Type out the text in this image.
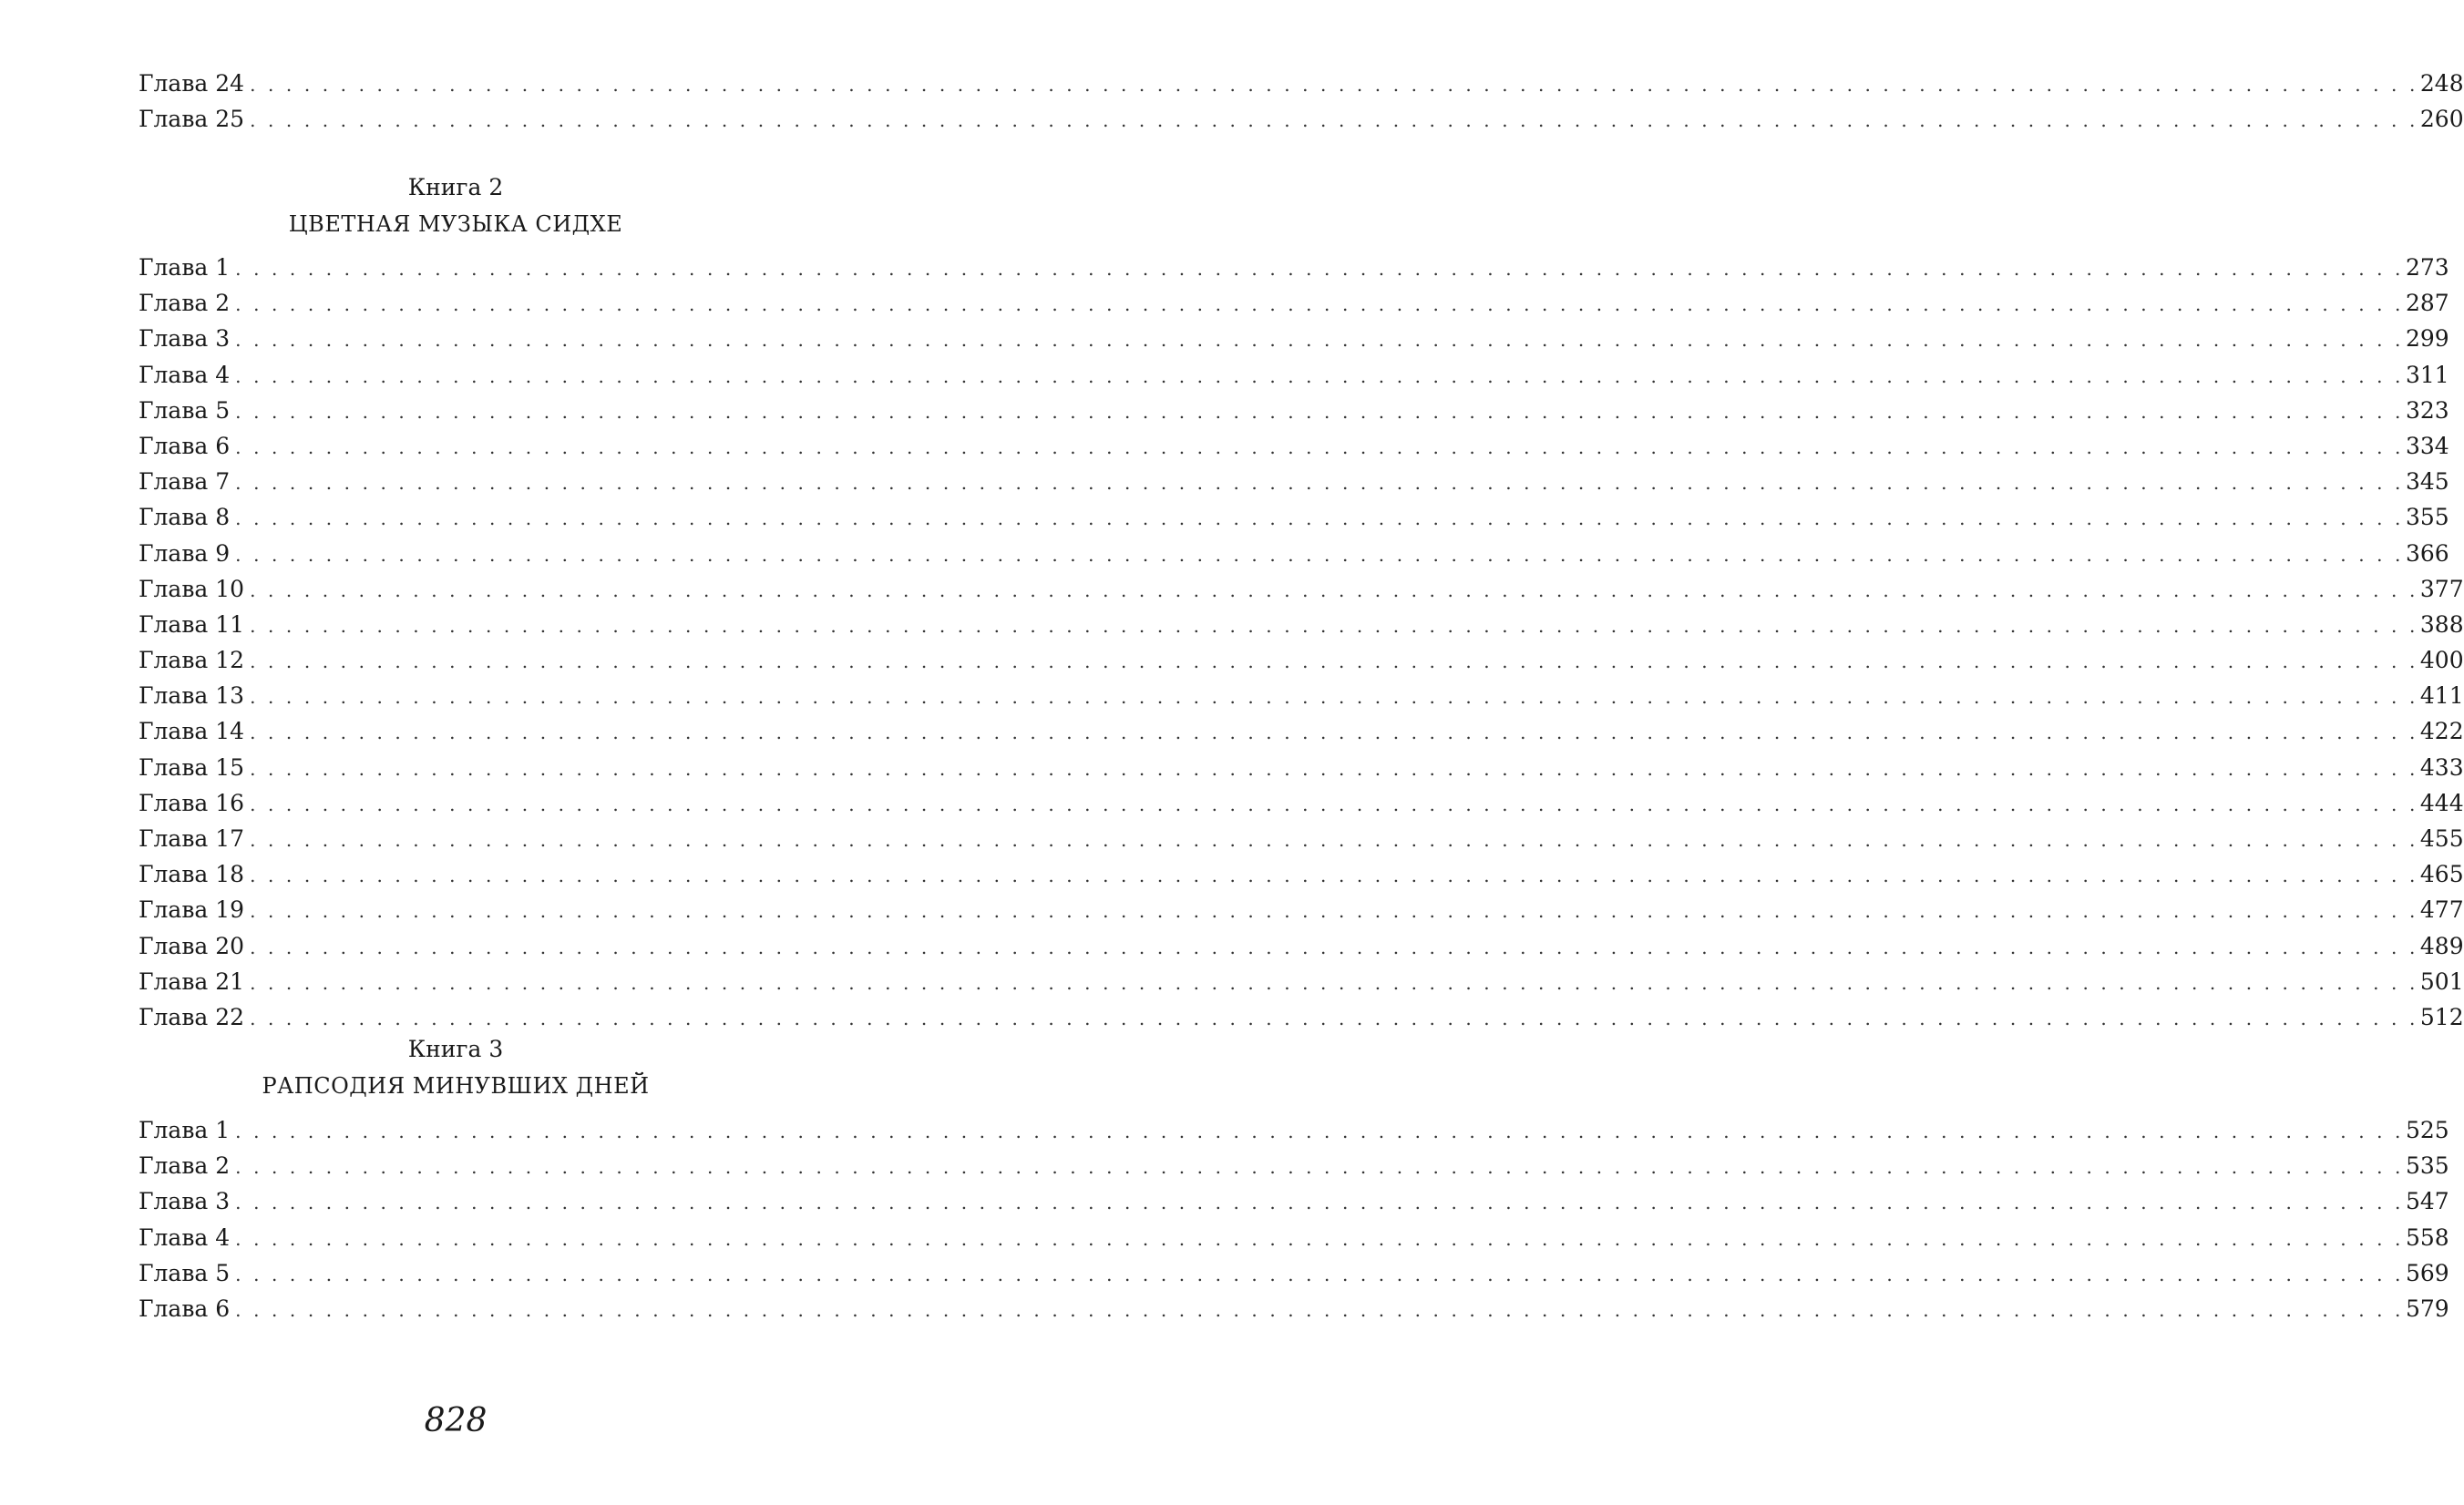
Глава 24 . . . . . . . . . . . . . . . . . . . . . . . . . . . . . . . . . . . . . . . . . . . . . . . . . . . . . . . . . . . . . . . . . . . . . . . . . . . . . . . . . . . . . . . . . . . . . . . . . . . . . . . . . . . . . . . . . . . . . . . . 248
Глава 25 . . . . . . . . . . . . . . . . . . . . . . . . . . . . . . . . . . . . . . . . . . . . . . . . . . . . . . . . . . . . . . . . . . . . . . . . . . . . . . . . . . . . . . . . . . . . . . . . . . . . . . . . . . . . . . . . . . . . . . . . 260
Книга 2
ЦВЕТНАЯ МУЗЫКА СИДХЕ
Глава 1 . . . . . . . . . . . . . . . . . . . . . . . . . . . . . . . . . . . . . . . . . . . . . . . . . . . . . . . . . . . . . . . . . . . . . . . . . . . . . . . . . . . . . . . . . . . . . . . . . . . . . . . . . . . . . . . . . . . . . . . . 273
Глава 2 . . . . . . . . . . . . . . . . . . . . . . . . . . . . . . . . . . . . . . . . . . . . . . . . . . . . . . . . . . . . . . . . . . . . . . . . . . . . . . . . . . . . . . . . . . . . . . . . . . . . . . . . . . . . . . . . . . . . . . . . 287
Глава 3 . . . . . . . . . . . . . . . . . . . . . . . . . . . . . . . . . . . . . . . . . . . . . . . . . . . . . . . . . . . . . . . . . . . . . . . . . . . . . . . . . . . . . . . . . . . . . . . . . . . . . . . . . . . . . . . . . . . . . . . . 299
Глава 4 . . . . . . . . . . . . . . . . . . . . . . . . . . . . . . . . . . . . . . . . . . . . . . . . . . . . . . . . . . . . . . . . . . . . . . . . . . . . . . . . . . . . . . . . . . . . . . . . . . . . . . . . . . . . . . . . . . . . . . . . 311
Глава 5 . . . . . . . . . . . . . . . . . . . . . . . . . . . . . . . . . . . . . . . . . . . . . . . . . . . . . . . . . . . . . . . . . . . . . . . . . . . . . . . . . . . . . . . . . . . . . . . . . . . . . . . . . . . . . . . . . . . . . . . . 323
Глава 6 . . . . . . . . . . . . . . . . . . . . . . . . . . . . . . . . . . . . . . . . . . . . . . . . . . . . . . . . . . . . . . . . . . . . . . . . . . . . . . . . . . . . . . . . . . . . . . . . . . . . . . . . . . . . . . . . . . . . . . . . 334
Глава 7 . . . . . . . . . . . . . . . . . . . . . . . . . . . . . . . . . . . . . . . . . . . . . . . . . . . . . . . . . . . . . . . . . . . . . . . . . . . . . . . . . . . . . . . . . . . . . . . . . . . . . . . . . . . . . . . . . . . . . . . . 345
Глава 8 . . . . . . . . . . . . . . . . . . . . . . . . . . . . . . . . . . . . . . . . . . . . . . . . . . . . . . . . . . . . . . . . . . . . . . . . . . . . . . . . . . . . . . . . . . . . . . . . . . . . . . . . . . . . . . . . . . . . . . . . 355
Глава 9 . . . . . . . . . . . . . . . . . . . . . . . . . . . . . . . . . . . . . . . . . . . . . . . . . . . . . . . . . . . . . . . . . . . . . . . . . . . . . . . . . . . . . . . . . . . . . . . . . . . . . . . . . . . . . . . . . . . . . . . . 366
Глава 10 . . . . . . . . . . . . . . . . . . . . . . . . . . . . . . . . . . . . . . . . . . . . . . . . . . . . . . . . . . . . . . . . . . . . . . . . . . . . . . . . . . . . . . . . . . . . . . . . . . . . . . . . . . . . . . . . . . . . . . . . 377
Глава 11 . . . . . . . . . . . . . . . . . . . . . . . . . . . . . . . . . . . . . . . . . . . . . . . . . . . . . . . . . . . . . . . . . . . . . . . . . . . . . . . . . . . . . . . . . . . . . . . . . . . . . . . . . . . . . . . . . . . . . . . . 388
Глава 12 . . . . . . . . . . . . . . . . . . . . . . . . . . . . . . . . . . . . . . . . . . . . . . . . . . . . . . . . . . . . . . . . . . . . . . . . . . . . . . . . . . . . . . . . . . . . . . . . . . . . . . . . . . . . . . . . . . . . . . . . 400
Глава 13 . . . . . . . . . . . . . . . . . . . . . . . . . . . . . . . . . . . . . . . . . . . . . . . . . . . . . . . . . . . . . . . . . . . . . . . . . . . . . . . . . . . . . . . . . . . . . . . . . . . . . . . . . . . . . . . . . . . . . . . . 411
Глава 14 . . . . . . . . . . . . . . . . . . . . . . . . . . . . . . . . . . . . . . . . . . . . . . . . . . . . . . . . . . . . . . . . . . . . . . . . . . . . . . . . . . . . . . . . . . . . . . . . . . . . . . . . . . . . . . . . . . . . . . . . 422
Глава 15 . . . . . . . . . . . . . . . . . . . . . . . . . . . . . . . . . . . . . . . . . . . . . . . . . . . . . . . . . . . . . . . . . . . . . . . . . . . . . . . . . . . . . . . . . . . . . . . . . . . . . . . . . . . . . . . . . . . . . . . . 433
Глава 16 . . . . . . . . . . . . . . . . . . . . . . . . . . . . . . . . . . . . . . . . . . . . . . . . . . . . . . . . . . . . . . . . . . . . . . . . . . . . . . . . . . . . . . . . . . . . . . . . . . . . . . . . . . . . . . . . . . . . . . . . 444
Глава 17 . . . . . . . . . . . . . . . . . . . . . . . . . . . . . . . . . . . . . . . . . . . . . . . . . . . . . . . . . . . . . . . . . . . . . . . . . . . . . . . . . . . . . . . . . . . . . . . . . . . . . . . . . . . . . . . . . . . . . . . . 455
Глава 18 . . . . . . . . . . . . . . . . . . . . . . . . . . . . . . . . . . . . . . . . . . . . . . . . . . . . . . . . . . . . . . . . . . . . . . . . . . . . . . . . . . . . . . . . . . . . . . . . . . . . . . . . . . . . . . . . . . . . . . . . 465
Глава 19 . . . . . . . . . . . . . . . . . . . . . . . . . . . . . . . . . . . . . . . . . . . . . . . . . . . . . . . . . . . . . . . . . . . . . . . . . . . . . . . . . . . . . . . . . . . . . . . . . . . . . . . . . . . . . . . . . . . . . . . . 477
Глава 20 . . . . . . . . . . . . . . . . . . . . . . . . . . . . . . . . . . . . . . . . . . . . . . . . . . . . . . . . . . . . . . . . . . . . . . . . . . . . . . . . . . . . . . . . . . . . . . . . . . . . . . . . . . . . . . . . . . . . . . . . 489
Глава 21 . . . . . . . . . . . . . . . . . . . . . . . . . . . . . . . . . . . . . . . . . . . . . . . . . . . . . . . . . . . . . . . . . . . . . . . . . . . . . . . . . . . . . . . . . . . . . . . . . . . . . . . . . . . . . . . . . . . . . . . . 501
Глава 22 . . . . . . . . . . . . . . . . . . . . . . . . . . . . . . . . . . . . . . . . . . . . . . . . . . . . . . . . . . . . . . . . . . . . . . . . . . . . . . . . . . . . . . . . . . . . . . . . . . . . . . . . . . . . . . . . . . . . . . . . 512
Книга 3
РАПСОДИЯ МИНУВШИХ ДНЕЙ
Глава 1 . . . . . . . . . . . . . . . . . . . . . . . . . . . . . . . . . . . . . . . . . . . . . . . . . . . . . . . . . . . . . . . . . . . . . . . . . . . . . . . . . . . . . . . . . . . . . . . . . . . . . . . . . . . . . . . . . . . . . . . . 525
Глава 2 . . . . . . . . . . . . . . . . . . . . . . . . . . . . . . . . . . . . . . . . . . . . . . . . . . . . . . . . . . . . . . . . . . . . . . . . . . . . . . . . . . . . . . . . . . . . . . . . . . . . . . . . . . . . . . . . . . . . . . . . 535
Глава 3 . . . . . . . . . . . . . . . . . . . . . . . . . . . . . . . . . . . . . . . . . . . . . . . . . . . . . . . . . . . . . . . . . . . . . . . . . . . . . . . . . . . . . . . . . . . . . . . . . . . . . . . . . . . . . . . . . . . . . . . . 547
Глава 4 . . . . . . . . . . . . . . . . . . . . . . . . . . . . . . . . . . . . . . . . . . . . . . . . . . . . . . . . . . . . . . . . . . . . . . . . . . . . . . . . . . . . . . . . . . . . . . . . . . . . . . . . . . . . . . . . . . . . . . . . 558
Глава 5 . . . . . . . . . . . . . . . . . . . . . . . . . . . . . . . . . . . . . . . . . . . . . . . . . . . . . . . . . . . . . . . . . . . . . . . . . . . . . . . . . . . . . . . . . . . . . . . . . . . . . . . . . . . . . . . . . . . . . . . . 569
Глава 6 . . . . . . . . . . . . . . . . . . . . . . . . . . . . . . . . . . . . . . . . . . . . . . . . . . . . . . . . . . . . . . . . . . . . . . . . . . . . . . . . . . . . . . . . . . . . . . . . . . . . . . . . . . . . . . . . . . . . . . . . 579
828
